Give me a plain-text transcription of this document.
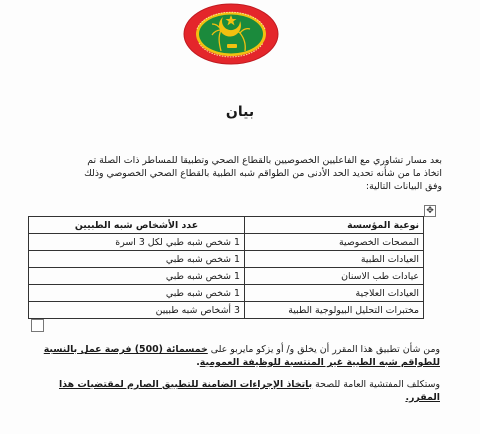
بيان
بعد مسار تشاوري مع الفاعليين الخصوصيين بالقطاع الصحي وتطبيقا للمساطر ذات الصلة تم
اتخاذ ما من شأنه تحديد الحد الأدنى من الطواقم شبه الطبية بالقطاع الصحي الخصوصي وذلك
وفق البيانات التالية:
✥
نوعية المؤسسة	عدد الأشخاص شبه الطبيين
المصحات الخصوصية	1 شخص شبه طبي لكل 3 اسرة
العيادات الطبية	1 شخص شبه طبي
عيادات طب الاسنان	1 شخص شبه طبي
العيادات العلاجية	1 شخص شبه طبي
مختبرات التحليل البيولوجية الطبية	3 أشخاص شبه طبيين
ومن شأن تطبيق هذا المقرر أن يخلق و/ أو يزكو مايربو على خمسمائة (500) فرصة عمل بالنسبة
للطواقم شبه الطبية غير المنتسبة للوظيفة العمومية.
وستكلف المفتشية العامة للصحة باتخاذ الإجراءات الضامنة للتطبيق الصارم لمقتضيات هذا
المقرر.
